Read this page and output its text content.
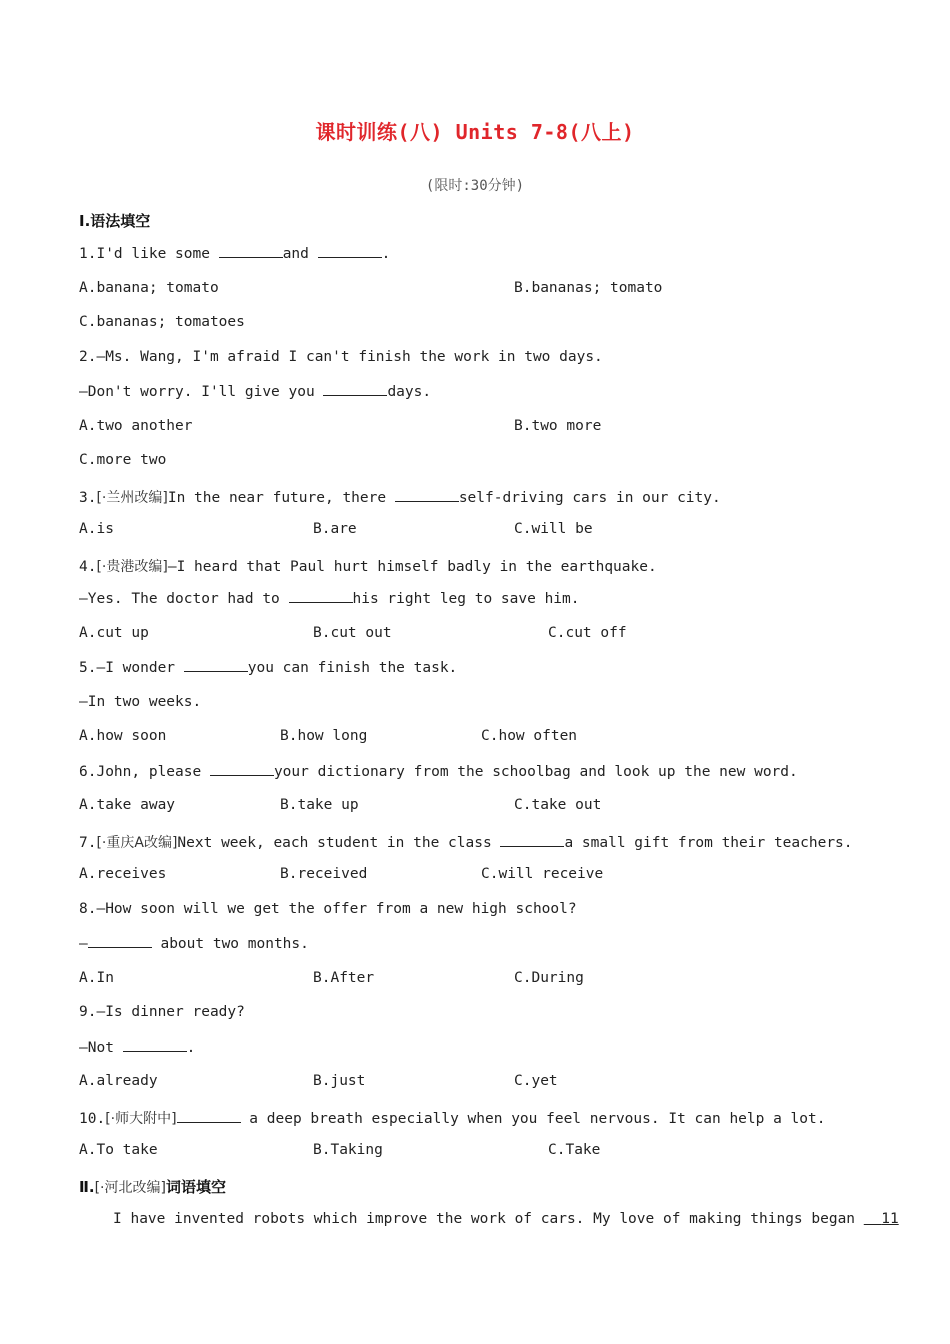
课时训练(八) Units 7-8(八上)
(限时:30分钟)
Ⅰ.语法填空
1.I'd like some	and	.
A.banana; tomato	B.bananas; tomato
C.bananas; tomatoes
2.—Ms. Wang, I'm afraid I can't finish the work in two days.
—Don't worry. I'll give you	days.
A.two another	B.two more
C.more two
3.[·兰州改编]In the near future, there	self-driving cars in our city.
A.is	B.are	C.will be
4.[·贵港改编]—I heard that Paul hurt himself badly in the earthquake.
—Yes. The doctor had to	his right leg to save him.
A.cut up	B.cut out	C.cut off
5.—I wonder	you can finish the task.
—In two weeks.
A.how soon	B.how long	C.how often
6.John, please	your dictionary from the schoolbag and look up the new word.
A.take away	B.take up	C.take out
7.[·重庆A改编]Next week, each student in the class	a small gift from their teachers.
A.receives	B.received	C.will receive
8.—How soon will we get the offer from a new high school?
—	about two months.
A.In	B.After	C.During
9.—Is dinner ready?
—Not	.
A.already	B.just	C.yet
10.[·师大附中]	a deep breath especially when you feel nervous. It can help a lot.
A.To take	B.Taking	C.Take
Ⅱ.[·河北改编]词语填空
I have invented robots which improve the work of cars. My love of making things began   11
